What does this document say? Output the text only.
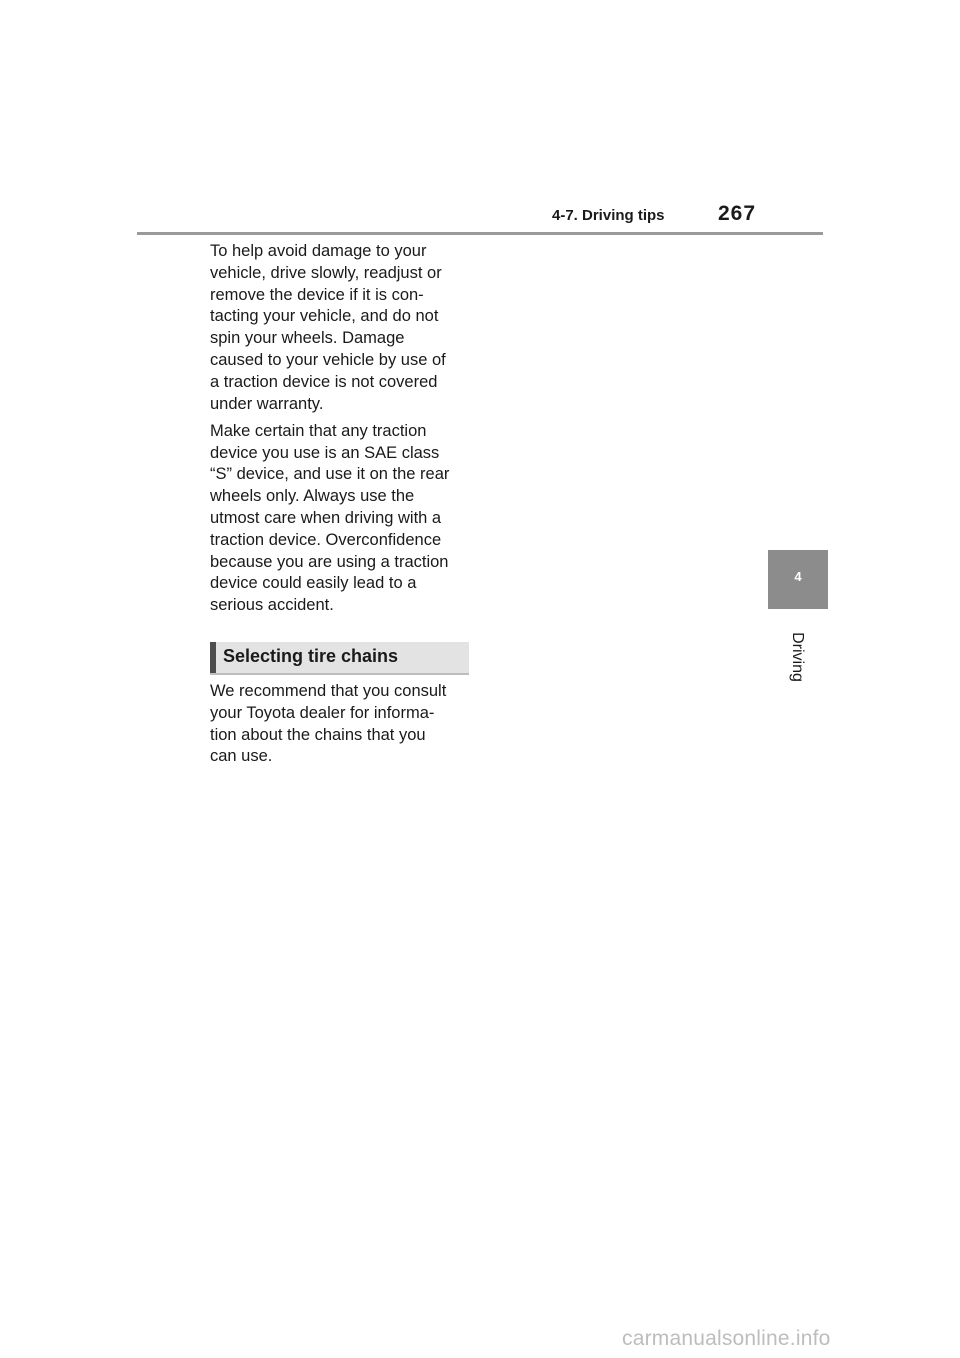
4-7. Driving tips	267
4
Driving

To help avoid damage to your
vehicle, drive slowly, readjust or
remove the device if it is con-
tacting your vehicle, and do not
spin your wheels. Damage
caused to your vehicle by use of
a traction device is not covered
under warranty.

Make certain that any traction
device you use is an SAE class
“S” device, and use it on the rear
wheels only. Always use the
utmost care when driving with a
traction device. Overconfidence
because you are using a traction
device could easily lead to a
serious accident.

Selecting tire chains

We recommend that you consult
your Toyota dealer for informa-
tion about the chains that you
can use.

carmanualsonline.info
